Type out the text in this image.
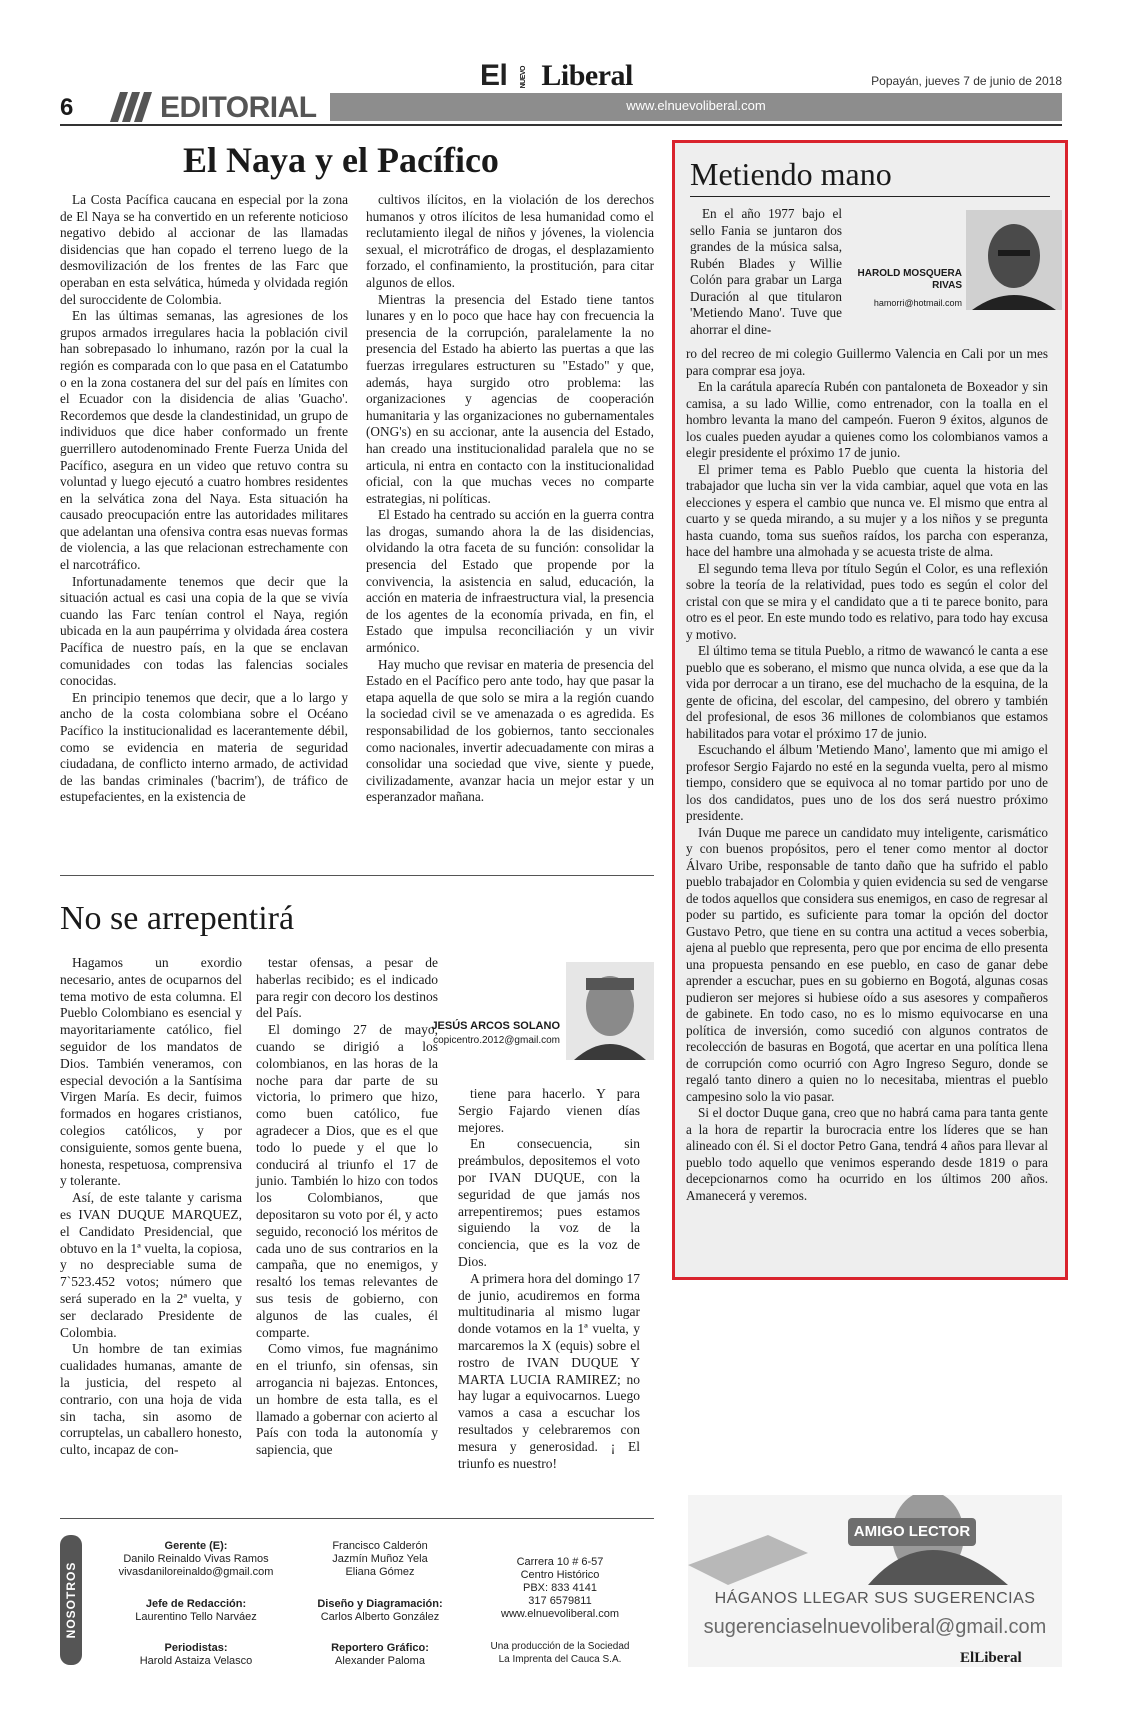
El NUEVO Liberal	Popayán, jueves 7 de junio de 2018
6	EDITORIAL	www.elnuevoliberal.com
El Naya y el Pacífico

La Costa Pacífica caucana en especial por la zona de El Naya se ha convertido en un referente noticioso negativo debido al accionar de las llamadas disidencias que han copado el terreno luego de la desmovilización de los frentes de las Farc que operaban en esta selvática, húmeda y olvidada región del suroccidente de Colombia.

En las últimas semanas, las agresiones de los grupos armados irregulares hacia la población civil han sobrepasado lo inhumano, razón por la cual la región es comparada con lo que pasa en el Catatumbo o en la zona costanera del sur del país en límites con el Ecuador con la disidencia de alias 'Guacho'. Recordemos que desde la clandestinidad, un grupo de individuos que dice haber conformado un frente guerrillero autodenominado Frente Fuerza Unida del Pacífico, asegura en un video que retuvo contra su voluntad y luego ejecutó a cuatro hombres residentes en la selvática zona del Naya. Esta situación ha causado preocupación entre las autoridades militares que adelantan una ofensiva contra esas nuevas formas de violencia, a las que relacionan estrechamente con el narcotráfico.

Infortunadamente tenemos que decir que la situación actual es casi una copia de la que se vivía cuando las Farc tenían control el Naya, región ubicada en la aun paupérrima y olvidada área costera Pacífica de nuestro país, en la que se enclavan comunidades con todas las falencias sociales conocidas.

En principio tenemos que decir, que a lo largo y ancho de la costa colombiana sobre el Océano Pacífico la institucionalidad es lacerantemente débil, como se evidencia en materia de seguridad ciudadana, de conflicto interno armado, de actividad de las bandas criminales ('bacrim'), de tráfico de estupefacientes, en la existencia de

cultivos ilícitos, en la violación de los derechos humanos y otros ilícitos de lesa humanidad como el reclutamiento ilegal de niños y jóvenes, la violencia sexual, el microtráfico de drogas, el desplazamiento forzado, el confinamiento, la prostitución, para citar algunos de ellos.

Mientras la presencia del Estado tiene tantos lunares y en lo poco que hace hay con frecuencia la presencia de la corrupción, paralelamente la no presencia del Estado ha abierto las puertas a que las fuerzas irregulares estructuren su "Estado" y que, además, haya surgido otro problema: las organizaciones y agencias de cooperación humanitaria y las organizaciones no gubernamentales (ONG's) en su accionar, ante la ausencia del Estado, han creado una institucionalidad paralela que no se articula, ni entra en contacto con la institucionalidad oficial, con la que muchas veces no comparte estrategias, ni políticas.

El Estado ha centrado su acción en la guerra contra las drogas, sumando ahora la de las disidencias, olvidando la otra faceta de su función: consolidar la presencia del Estado que propende por la convivencia, la asistencia en salud, educación, la acción en materia de infraestructura vial, la presencia de los agentes de la economía privada, en fin, el Estado que impulsa reconciliación y un vivir armónico.

Hay mucho que revisar en materia de presencia del Estado en el Pacífico pero ante todo, hay que pasar la etapa aquella de que solo se mira a la región cuando la sociedad civil se ve amenazada o es agredida. Es responsabilidad de los gobiernos, tanto seccionales como nacionales, invertir adecuadamente con miras a consolidar una sociedad que vive, siente y puede, civilizadamente, avanzar hacia un mejor estar y un esperanzador mañana.

No se arrepentirá
JESÚS ARCOS SOLANO
copicentro.2012@gmail.com

Hagamos un exordio necesario, antes de ocuparnos del tema motivo de esta columna. El Pueblo Colombiano es esencial y mayoritariamente católico, fiel seguidor de los mandatos de Dios. También veneramos, con especial devoción a la Santísima Virgen María. Es decir, fuimos formados en hogares cristianos, colegios católicos, y por consiguiente, somos gente buena, honesta, respetuosa, comprensiva y tolerante.

Así, de este talante y carisma es IVAN DUQUE MARQUEZ, el Candidato Presidencial, que obtuvo en la 1ª vuelta, la copiosa, y no despreciable suma de 7`523.452 votos; número que será superado en la 2ª vuelta, y ser declarado Presidente de Colombia.

Un hombre de tan eximias cualidades humanas, amante de la justicia, del respeto al contrario, con una hoja de vida sin tacha, sin asomo de corruptelas, un caballero honesto, culto, incapaz de con-

testar ofensas, a pesar de haberlas recibido; es el indicado para regir con decoro los destinos del País.

El domingo 27 de mayo, cuando se dirigió a los colombianos, en las horas de la noche para dar parte de su victoria, lo primero que hizo, como buen católico, fue agradecer a Dios, que es el que todo lo puede y el que lo conducirá al triunfo el 17 de junio. También lo hizo con todos los Colombianos, que depositaron su voto por él, y acto seguido, reconoció los méritos de cada uno de sus contrarios en la campaña, que no enemigos, y resaltó los temas relevantes de sus tesis de gobierno, con algunos de las cuales, él comparte.

Como vimos, fue magnánimo en el triunfo, sin ofensas, sin arrogancia ni bajezas. Entonces, un hombre de esta talla, es el llamado a gobernar con acierto al País con toda la autonomía y sapiencia, que

tiene para hacerlo. Y para Sergio Fajardo vienen días mejores.

En consecuencia, sin preámbulos, depositemos el voto por IVAN DUQUE, con la seguridad de que jamás nos arrepentiremos; pues estamos siguiendo la voz de la conciencia, que es la voz de Dios.

A primera hora del domingo 17 de junio, acudiremos en forma multitudinaria al mismo lugar donde votamos en la 1ª vuelta, y marcaremos la X (equis) sobre el rostro de IVAN DUQUE Y MARTA LUCIA RAMIREZ; no hay lugar a equivocarnos. Luego vamos a casa a escuchar los resultados y celebraremos con mesura y generosidad. ¡ El triunfo es nuestro!

Metiendo mano

En el año 1977 bajo el sello Fania se juntaron dos grandes de la música salsa, Rubén Blades y Willie Colón para grabar un Larga Duración al que titularon 'Metiendo Mano'. Tuve que ahorrar el dine-

HAROLD MOSQUERA
RIVAS
hamorri@hotmail.com

ro del recreo de mi colegio Guillermo Valencia en Cali por un mes para comprar esa joya.

En la carátula aparecía Rubén con pantaloneta de Boxeador y sin camisa, a su lado Willie, como entrenador, con la toalla en el hombro levanta la mano del campeón. Fueron 9 éxitos, algunos de los cuales pueden ayudar a quienes como los colombianos vamos a elegir presidente el próximo 17 de junio.

El primer tema es Pablo Pueblo que cuenta la historia del trabajador que lucha sin ver la vida cambiar, aquel que vota en las elecciones y espera el cambio que nunca ve. El mismo que entra al cuarto y se queda mirando, a su mujer y a los niños y se pregunta hasta cuando, toma sus sueños raídos, los parcha con esperanza, hace del hambre una almohada y se acuesta triste de alma.

El segundo tema lleva por título Según el Color, es una reflexión sobre la teoría de la relatividad, pues todo es según el color del cristal con que se mira y el candidato que a ti te parece bonito, para otro es el peor. En este mundo todo es relativo, para todo hay excusa y motivo.

El último tema se titula Pueblo, a ritmo de wawancó le canta a ese pueblo que es soberano, el mismo que nunca olvida, a ese que da la vida por derrocar a un tirano, ese del muchacho de la esquina, de la gente de oficina, del escolar, del campesino, del obrero y también del profesional, de esos 36 millones de colombianos que estamos habilitados para votar el próximo 17 de junio.

Escuchando el álbum 'Metiendo Mano', lamento que mi amigo el profesor Sergio Fajardo no esté en la segunda vuelta, pero al mismo tiempo, considero que se equivoca al no tomar partido por uno de los dos candidatos, pues uno de los dos será nuestro próximo presidente.

Iván Duque me parece un candidato muy inteligente, carismático y con buenos propósitos, pero el tener como mentor al doctor Álvaro Uribe, responsable de tanto daño que ha sufrido el pablo pueblo trabajador en Colombia y quien evidencia su sed de vengarse de todos aquellos que considera sus enemigos, en caso de regresar al poder su partido, es suficiente para tomar la opción del doctor Gustavo Petro, que tiene en su contra una actitud a veces soberbia, ajena al pueblo que representa, pero que por encima de ello presenta una propuesta pensando en ese pueblo, en caso de ganar debe aprender a escuchar, pues en su gobierno en Bogotá, algunas cosas pudieron ser mejores si hubiese oído a sus asesores y compañeros de gabinete. En todo caso, no es lo mismo equivocarse en una política de inversión, como sucedió con algunos contratos de recolección de basuras en Bogotá, que acertar en una política llena de corrupción como ocurrió con Agro Ingreso Seguro, donde se regaló tanto dinero a quien no lo necesitaba, mientras el pueblo campesino solo la vio pasar.

Si el doctor Duque gana, creo que no habrá cama para tanta gente a la hora de repartir la burocracia entre los líderes que se han alineado con él. Si el doctor Petro Gana, tendrá 4 años para llevar al pueblo todo aquello que venimos esperando desde 1819 o para decepcionarnos como ha ocurrido en los últimos 200 años. Amanecerá y veremos.

NOSOTROS
Gerente (E):
Danilo Reinaldo Vivas Ramos
vivasdaniloreinaldo@gmail.com
Jefe de Redacción:
Laurentino Tello Narváez
Periodistas:
Harold Astaiza Velasco
Francisco Calderón
Jazmín Muñoz Yela
Eliana Gómez
Diseño y Diagramación:
Carlos Alberto González
Reportero Gráfico:
Alexander Paloma
Carrera 10 # 6-57
Centro Histórico
PBX: 833 4141
317 6579811
www.elnuevoliberal.com
Una producción de la Sociedad
La Imprenta del Cauca S.A.
AMIGO LECTOR
HÁGANOS LLEGAR SUS SUGERENCIAS
sugerenciaselnuevoliberal@gmail.com
ElLiberal
